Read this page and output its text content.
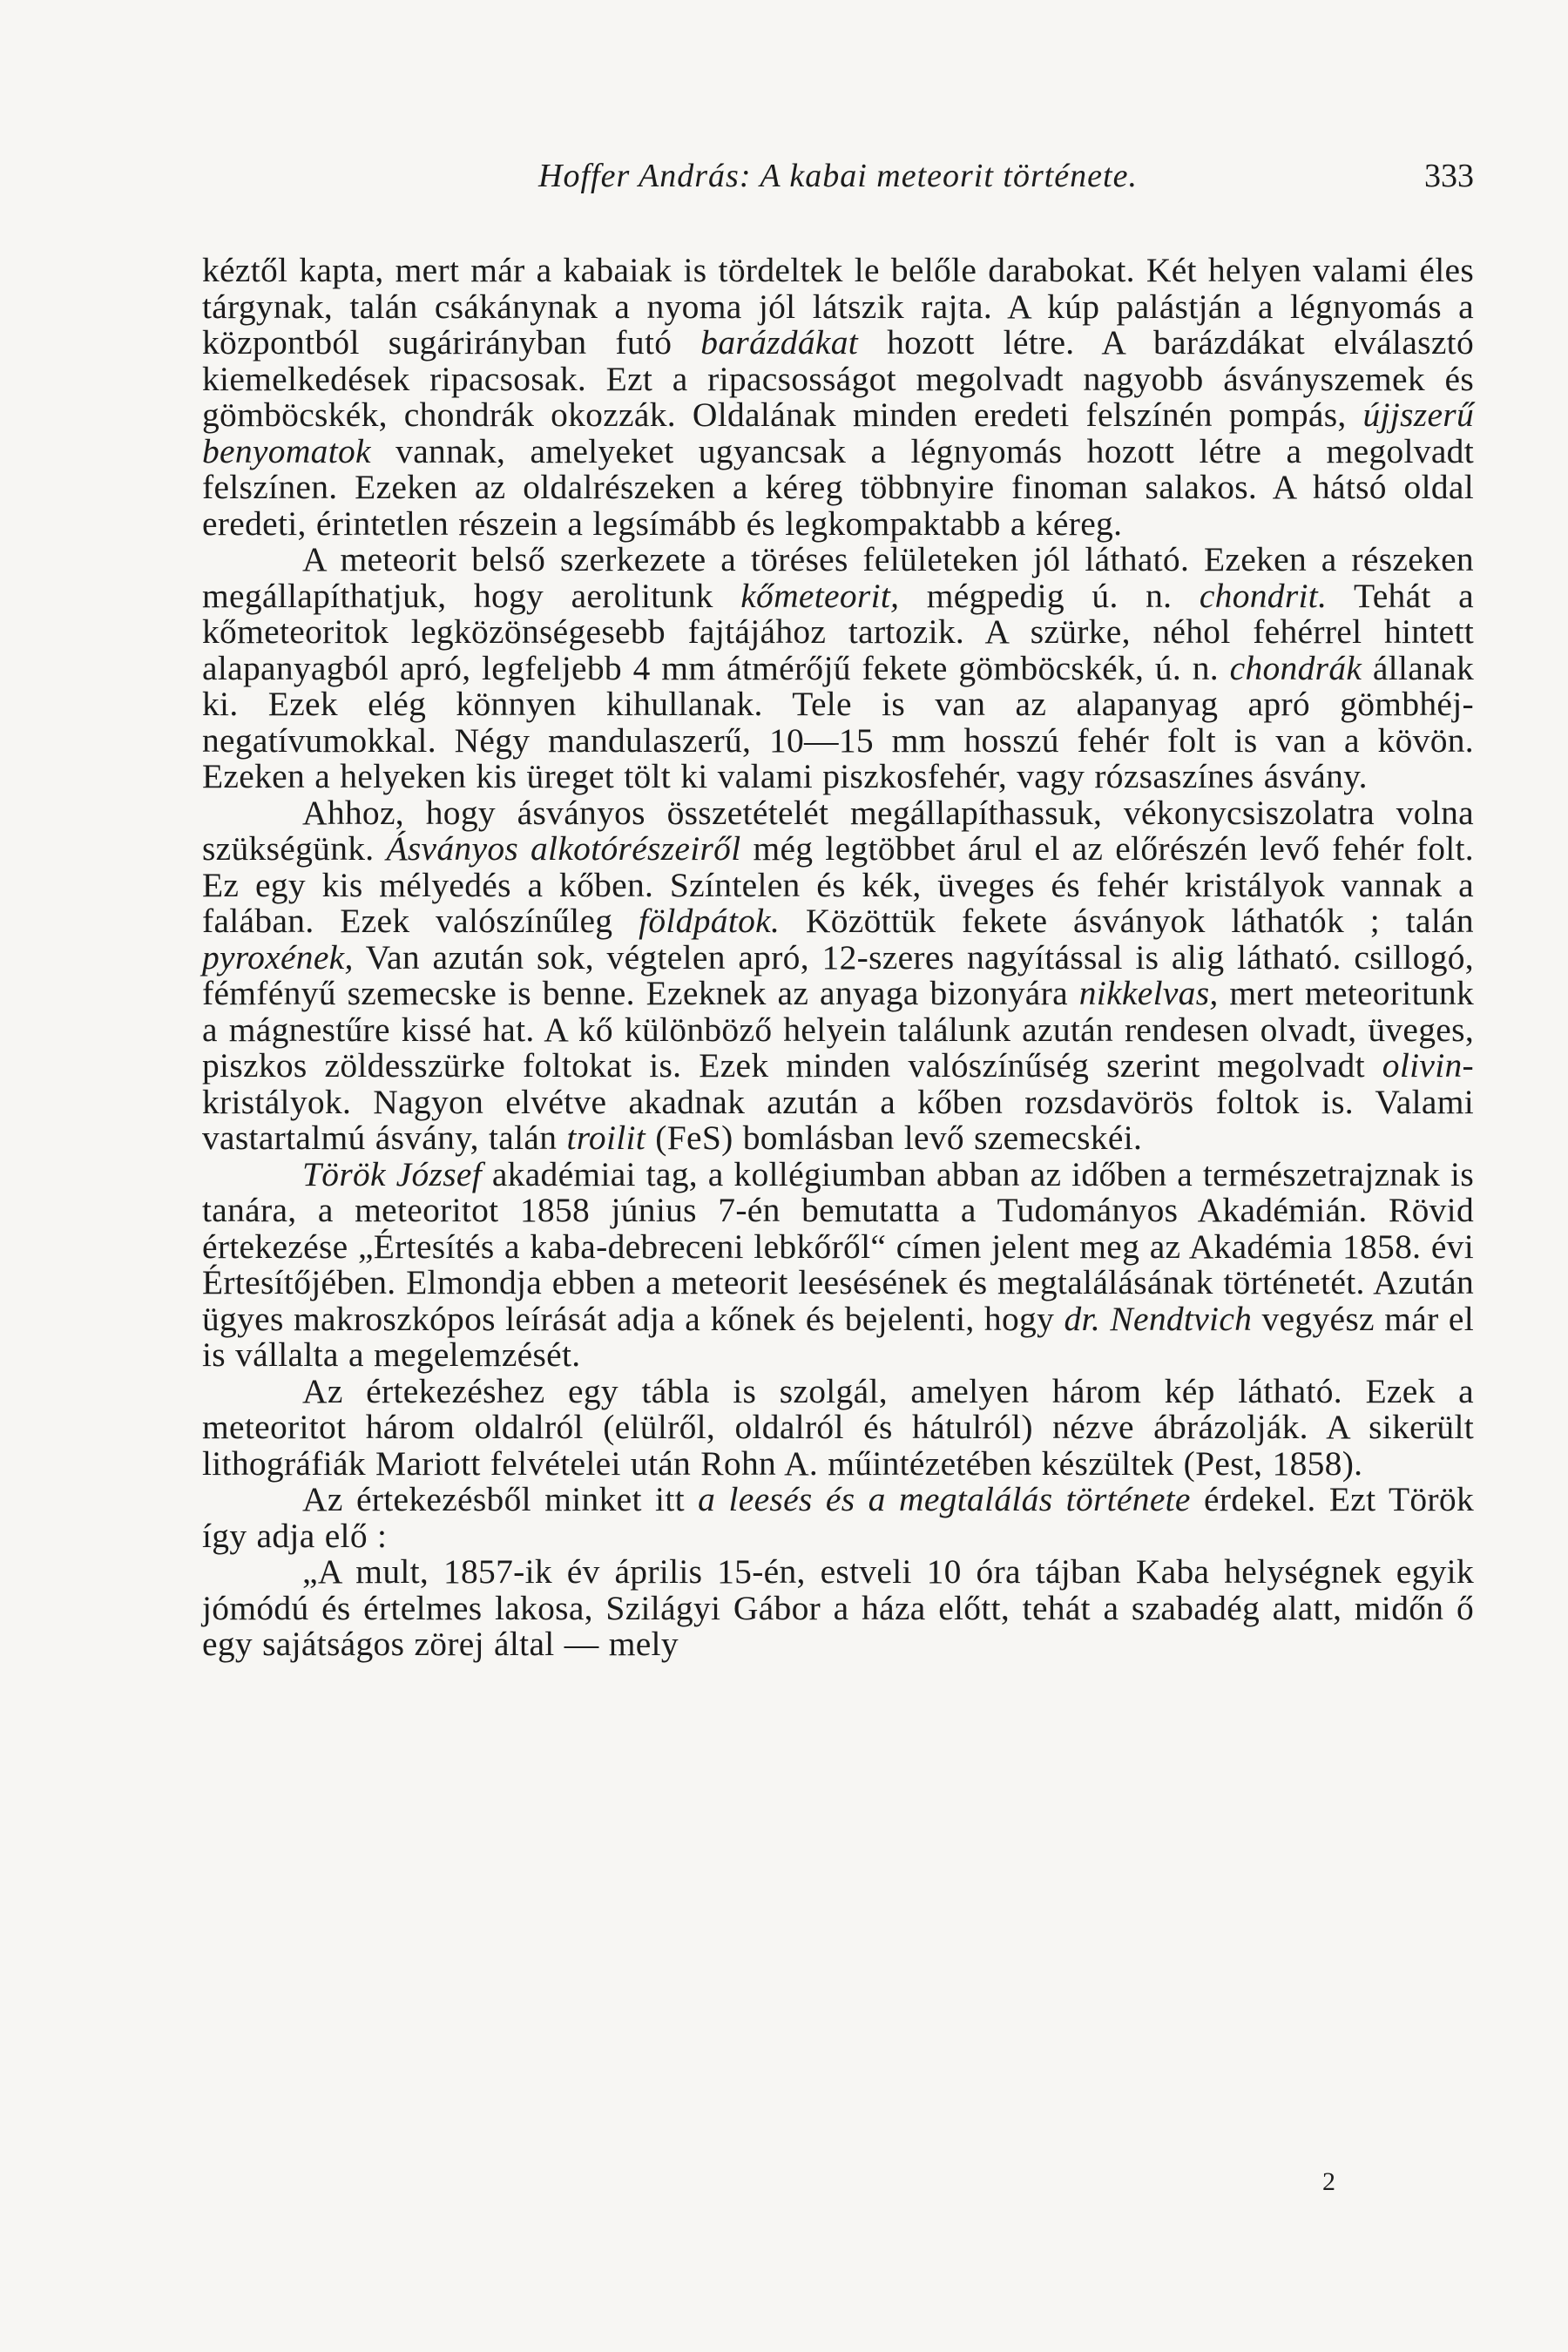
Hoffer András: A kabai meteorit története.	333

kéztől kapta, mert már a kabaiak is tördeltek le belőle darabokat. Két helyen valami éles tárgynak, talán csákánynak a nyoma jól látszik rajta. A kúp palástján a légnyomás a központból sugárirányban futó barázdákat hozott létre. A barázdákat elválasztó kiemelkedések ripacsosak. Ezt a ripacsosságot megolvadt nagyobb ásványszemek és gömböcskék, chondrák okozzák. Oldalának minden eredeti felszínén pompás, újjszerű benyomatok vannak, amelyeket ugyancsak a légnyomás hozott létre a megolvadt felszínen. Ezeken az oldalrészeken a kéreg többnyire finoman salakos. A hátsó oldal eredeti, érintetlen részein a legsímább és legkompaktabb a kéreg.

A meteorit belső szerkezete a töréses felületeken jól látható. Ezeken a részeken megállapíthatjuk, hogy aerolitunk kőmeteorit, mégpedig ú. n. chondrit. Tehát a kőmeteoritok legközönségesebb fajtájához tartozik. A szürke, néhol fehérrel hintett alapanyagból apró, legfeljebb 4 mm átmérőjű fekete gömböcskék, ú. n. chondrák állanak ki. Ezek elég könnyen kihullanak. Tele is van az alapanyag apró gömbhéj-negatívumokkal. Négy mandulaszerű, 10—15 mm hosszú fehér folt is van a kövön. Ezeken a helyeken kis üreget tölt ki valami piszkosfehér, vagy rózsaszínes ásvány.

Ahhoz, hogy ásványos összetételét megállapíthassuk, vékonycsiszolatra volna szükségünk. Ásványos alkotórészeiről még legtöbbet árul el az előrészén levő fehér folt. Ez egy kis mélyedés a kőben. Színtelen és kék, üveges és fehér kristályok vannak a falában. Ezek valószínűleg földpátok. Közöttük fekete ásványok láthatók ; talán pyroxének, Van azután sok, végtelen apró, 12-szeres nagyítással is alig látható. csillogó, fémfényű szemecske is benne. Ezeknek az anyaga bizonyára nikkelvas, mert meteoritunk a mágnestűre kissé hat. A kő különböző helyein találunk azután rendesen olvadt, üveges, piszkos zöldesszürke foltokat is. Ezek minden valószínűség szerint megolvadt olivin-kristályok. Nagyon elvétve akadnak azután a kőben rozsdavörös foltok is. Valami vastartalmú ásvány, talán troilit (FeS) bomlásban levő szemecskéi.

Török József akadémiai tag, a kollégiumban abban az időben a természetrajznak is tanára, a meteoritot 1858 június 7-én bemutatta a Tudományos Akadémián. Rövid értekezése „Értesítés a kaba-debreceni lebkőről“ címen jelent meg az Akadémia 1858. évi Értesítőjében. Elmondja ebben a meteorit leesésének és megtalálásának történetét. Azután ügyes makroszkópos leírását adja a kőnek és bejelenti, hogy dr. Nendtvich vegyész már el is vállalta a megelemzését.

Az értekezéshez egy tábla is szolgál, amelyen három kép látható. Ezek a meteoritot három oldalról (elülről, oldalról és hátulról) nézve ábrázolják. A sikerült lithográfiák Mariott felvételei után Rohn A. műintézetében készültek (Pest, 1858).

Az értekezésből minket itt a leesés és a megtalálás története érdekel. Ezt Török így adja elő :

„A mult, 1857-ik év április 15-én, estveli 10 óra tájban Kaba helységnek egyik jómódú és értelmes lakosa, Szilágyi Gábor a háza előtt, tehát a szabadég alatt, midőn ő egy sajátságos zörej által — mely

2
